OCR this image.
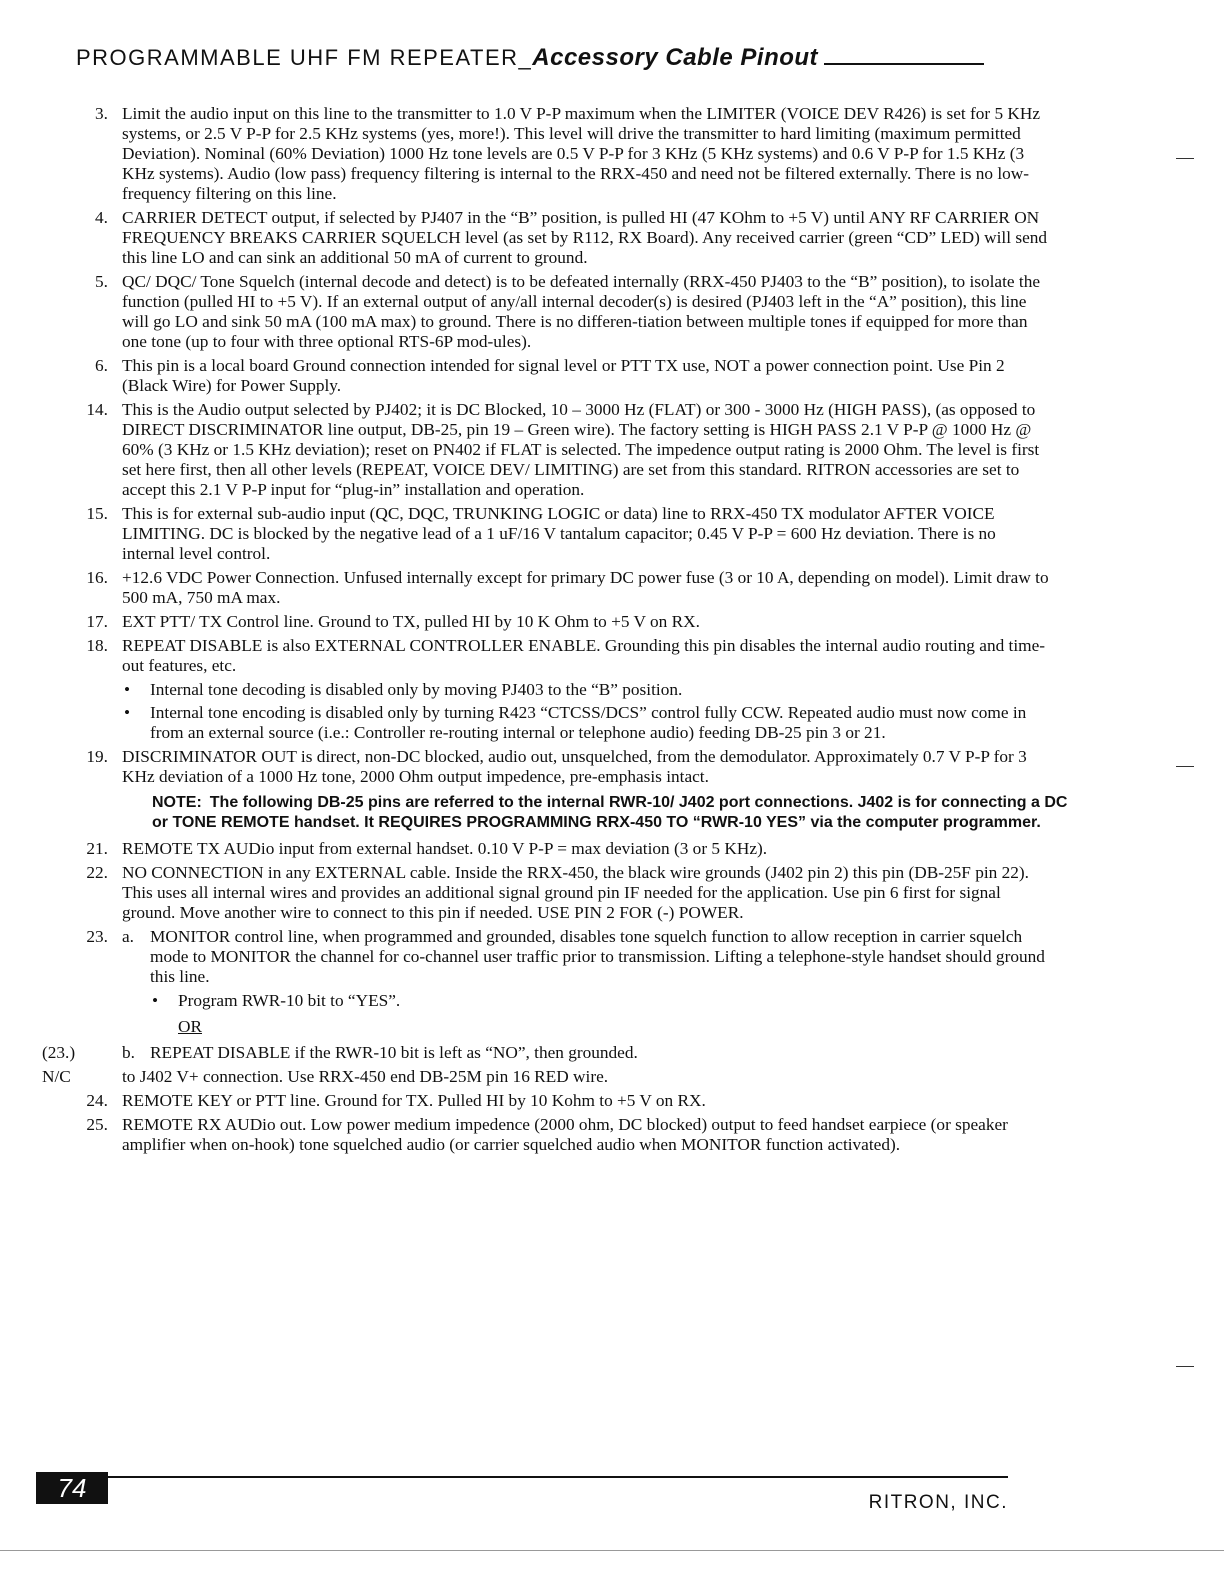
PROGRAMMABLE UHF FM REPEATER_Accessory Cable Pinout
3. Limit the audio input on this line to the transmitter to 1.0 V P-P maximum when the LIMITER (VOICE DEV R426) is set for 5 KHz systems, or 2.5 V P-P for 2.5 KHz systems (yes, more!). This level will drive the transmitter to hard limiting (maximum permitted Deviation). Nominal (60% Deviation) 1000 Hz tone levels are 0.5 V P-P for 3 KHz (5 KHz systems) and 0.6 V P-P for 1.5 KHz (3 KHz systems). Audio (low pass) frequency filtering is internal to the RRX-450 and need not be filtered externally. There is no low-frequency filtering on this line.

4. CARRIER DETECT output, if selected by PJ407 in the “B” position, is pulled HI (47 KOhm to +5 V) until ANY RF CARRIER ON FREQUENCY BREAKS CARRIER SQUELCH level (as set by R112, RX Board). Any received carrier (green “CD” LED) will send this line LO and can sink an additional 50 mA of current to ground.

5. QC/ DQC/ Tone Squelch (internal decode and detect) is to be defeated internally (RRX-450 PJ403 to the “B” position), to isolate the function (pulled HI to +5 V). If an external output of any/all internal decoder(s) is desired (PJ403 left in the “A” position), this line will go LO and sink 50 mA (100 mA max) to ground. There is no differen-tiation between multiple tones if equipped for more than one tone (up to four with three optional RTS-6P mod-ules).

6. This pin is a local board Ground connection intended for signal level or PTT TX use, NOT a power connection point. Use Pin 2 (Black Wire) for Power Supply.

14. This is the Audio output selected by PJ402; it is DC Blocked, 10 – 3000 Hz (FLAT) or 300 - 3000 Hz (HIGH PASS), (as opposed to DIRECT DISCRIMINATOR line output, DB-25, pin 19 – Green wire). The factory setting is HIGH PASS 2.1 V P-P @ 1000 Hz @ 60% (3 KHz or 1.5 KHz deviation); reset on PN402 if FLAT is selected. The impedence output rating is 2000 Ohm. The level is first set here first, then all other levels (REPEAT, VOICE DEV/ LIMITING) are set from this standard. RITRON accessories are set to accept this 2.1 V P-P input for “plug-in” installation and operation.

15. This is for external sub-audio input (QC, DQC, TRUNKING LOGIC or data) line to RRX-450 TX modulator AFTER VOICE LIMITING. DC is blocked by the negative lead of a 1 uF/16 V tantalum capacitor; 0.45 V P-P = 600 Hz deviation. There is no internal level control.

16. +12.6 VDC Power Connection. Unfused internally except for primary DC power fuse (3 or 10 A, depending on model). Limit draw to 500 mA, 750 mA max.

17. EXT PTT/ TX Control line. Ground to TX, pulled HI by 10 K Ohm to +5 V on RX.

18. REPEAT DISABLE is also EXTERNAL CONTROLLER ENABLE. Grounding this pin disables the internal audio routing and time-out features, etc.

• Internal tone decoding is disabled only by moving PJ403 to the “B” position.
• Internal tone encoding is disabled only by turning R423 “CTCSS/DCS” control fully CCW. Repeated audio must now come in from an external source (i.e.: Controller re-routing internal or telephone audio) feeding DB-25 pin 3 or 21.
19. DISCRIMINATOR OUT is direct, non-DC blocked, audio out, unsquelched, from the demodulator. Approximately 0.7 V P-P for 3 KHz deviation of a 1000 Hz tone, 2000 Ohm output impedence, pre-emphasis intact.

NOTE: The following DB-25 pins are referred to the internal RWR-10/ J402 port connections. J402 is for connecting a DC or TONE REMOTE handset. It REQUIRES PROGRAMMING RRX-450 TO “RWR-10 YES” via the computer programmer.
21. REMOTE TX AUDio input from external handset. 0.10 V P-P = max deviation (3 or 5 KHz).

22. NO CONNECTION in any EXTERNAL cable. Inside the RRX-450, the black wire grounds (J402 pin 2) this pin (DB-25F pin 22). This uses all internal wires and provides an additional signal ground pin IF needed for the application. Use pin 6 first for signal ground. Move another wire to connect to this pin if needed. USE PIN 2 FOR (-) POWER.

23. a. MONITOR control line, when programmed and grounded, disables tone squelch function to allow reception in carrier squelch mode to MONITOR the channel for co-channel user traffic prior to transmission. Lifting a telephone-style handset should ground this line.

• Program RWR-10 bit to “YES”.
OR
(23.)	b. REPEAT DISABLE if the RWR-10 bit is left as “NO”, then grounded.

N/C	to J402 V+ connection. Use RRX-450 end DB-25M pin 16 RED wire.

24. REMOTE KEY or PTT line. Ground for TX. Pulled HI by 10 Kohm to +5 V on RX.

25. REMOTE RX AUDio out. Low power medium impedence (2000 ohm, DC blocked) output to feed handset earpiece (or speaker amplifier when on-hook) tone squelched audio (or carrier squelched audio when MONITOR function activated).

74	RITRON, INC.
